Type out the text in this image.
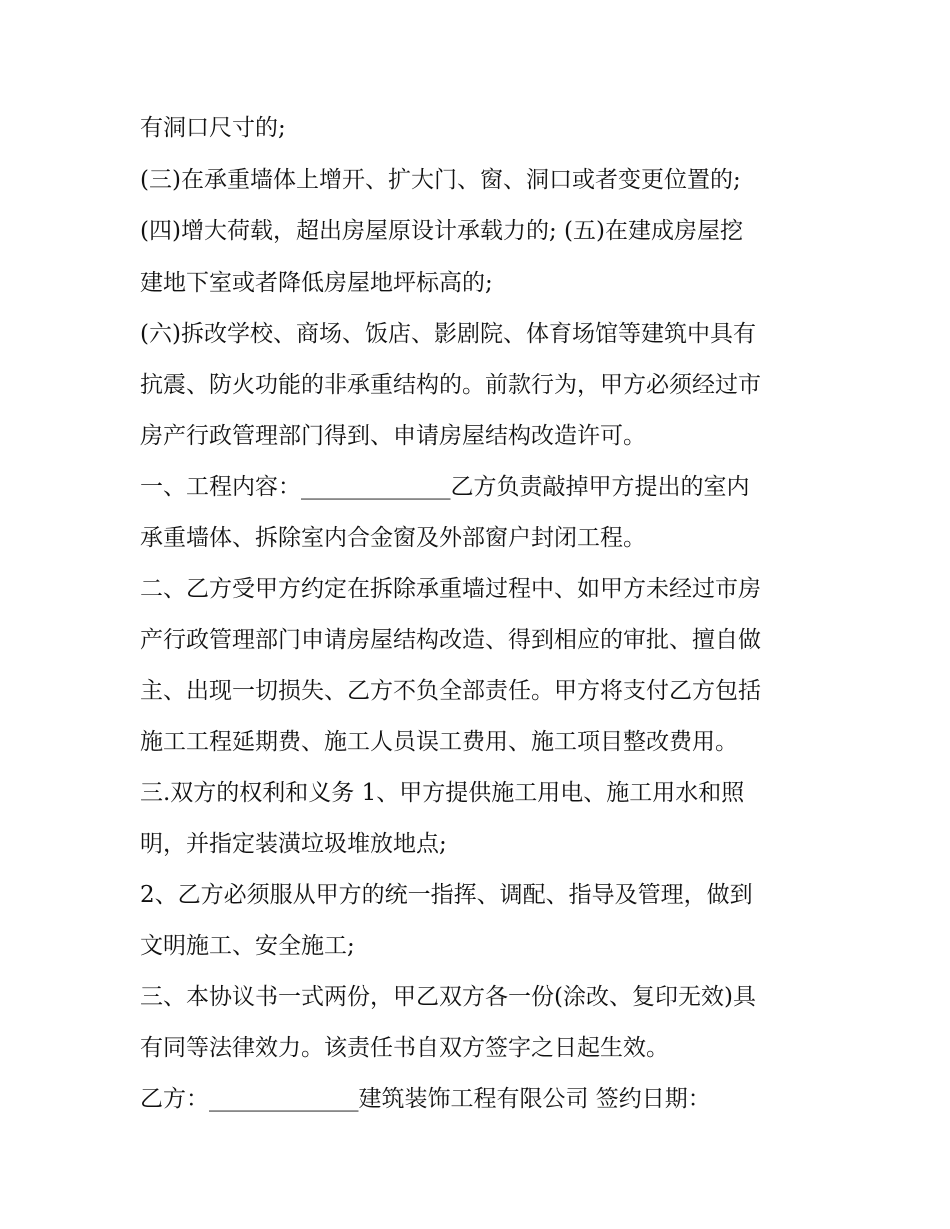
有洞口尺寸的;
(三)在承重墙体上增开、扩大门、窗、洞口或者变更位置的;
(四)增大荷载，超出房屋原设计承载力的; (五)在建成房屋挖
建地下室或者降低房屋地坪标高的;
(六)拆改学校、商场、饭店、影剧院、体育场馆等建筑中具有
抗震、防火功能的非承重结构的。前款行为，甲方必须经过市
房产行政管理部门得到、申请房屋结构改造许可。
一、工程内容：_____________乙方负责敲掉甲方提出的室内
承重墙体、拆除室内合金窗及外部窗户封闭工程。
二、乙方受甲方约定在拆除承重墙过程中、如甲方未经过市房
产行政管理部门申请房屋结构改造、得到相应的审批、擅自做
主、出现一切损失、乙方不负全部责任。甲方将支付乙方包括
施工工程延期费、施工人员误工费用、施工项目整改费用。
三.双方的权利和义务 1、甲方提供施工用电、施工用水和照
明，并指定装潢垃圾堆放地点;
2、乙方必须服从甲方的统一指挥、调配、指导及管理，做到
文明施工、安全施工;
三、本协议书一式两份，甲乙双方各一份(涂改、复印无效)具
有同等法律效力。该责任书自双方签字之日起生效。
乙方：_____________建筑装饰工程有限公司 签约日期：
